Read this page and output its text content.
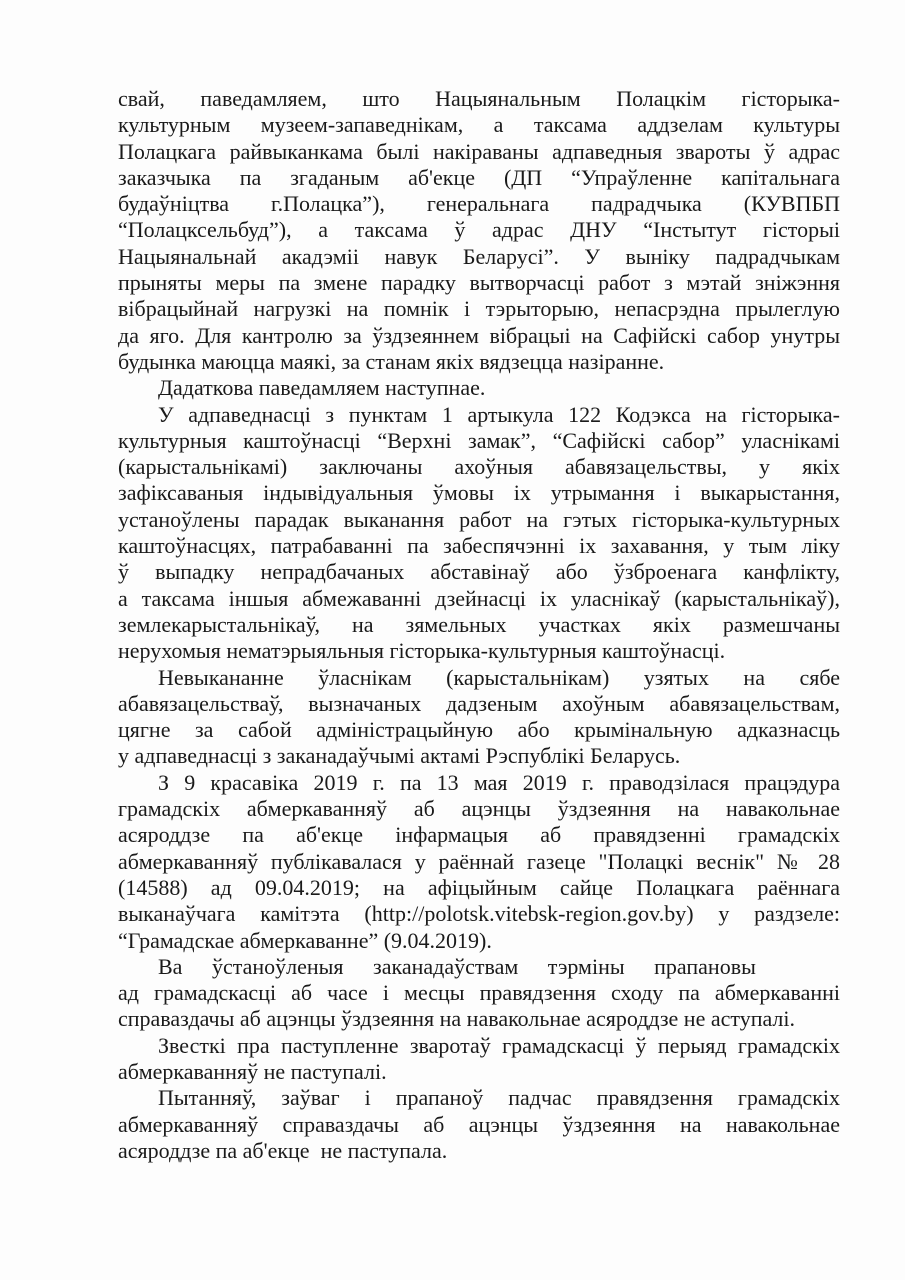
свай, паведамляем, што Нацыянальным Полацкім гісторыка-
культурным музеем-запаведнікам, а таксама аддзелам культуры
Полацкага райвыканкама былі накіраваны адпаведныя звароты ў адрас
заказчыка па згаданым аб'екце (ДП “Упраўленне капітальнага
будаўніцтва г.Полацка”), генеральнага падрадчыка (КУВПБП
“Полацксельбуд”), а таксама ў адрас ДНУ “Інстытут гісторыі
Нацыянальнай акадэміі навук Беларусі”. У выніку падрадчыкам
прыняты меры па змене парадку вытворчасці работ з мэтай зніжэння
вібрацыйнай нагрузкі на помнік і тэрыторыю, непасрэдна прылеглую
да яго. Для кантролю за ўздзеяннем вібрацыі на Сафійскі сабор унутры
будынка маюцца маякі, за станам якіх вядзецца назіранне.
Дадаткова паведамляем наступнае.
У адпаведнасці з пунктам 1 артыкула 122 Кодэкса на гісторыка-
культурныя каштоўнасці “Верхні замак”, “Сафійскі сабор” уласнікамі
(карыстальнікамі) заключаны ахоўныя абавязацельствы, у якіх
зафіксаваныя індывідуальныя ўмовы іх утрымання і выкарыстання,
устаноўлены парадак выканання работ на гэтых гісторыка-культурных
каштоўнасцях, патрабаванні па забеспячэнні іх захавання, у тым ліку
ў выпадку непрадбачаных абставінаў або ўзброенага канфлікту,
а таксама іншыя абмежаванні дзейнасці іх уласнікаў (карыстальнікаў),
землекарыстальнікаў, на зямельных участках якіх размешчаны
нерухомыя нематэрыяльныя гісторыка-культурныя каштоўнасці.
Невыкананне ўласнікам (карыстальнікам) узятых на сябе
абавязацельстваў, вызначаных дадзеным ахоўным абавязацельствам,
цягне за сабой адміністрацыйную або крымінальную адказнасць
у адпаведнасці з заканадаўчымі актамі Рэспублікі Беларусь.
З 9 красавіка 2019 г. па 13 мая 2019 г. праводзілася працэдура
грамадскіх абмеркаванняў аб ацэнцы ўздзеяння на навакольнае
асяроддзе па аб'екце інфармацыя аб правядзенні грамадскіх
абмеркаванняў публікавалася у раённай газеце "Полацкі веснік" № 28
(14588) ад 09.04.2019; на афіцыйным сайце Полацкага раённага
выканаўчага камітэта (http://polotsk.vitebsk-region.gov.by) у раздзеле:
“Грамадскае абмеркаванне” (9.04.2019).
Ва ўстаноўленыя заканадаўствам тэрміны прапановы
ад грамадскасці аб часе і месцы правядзення сходу па абмеркаванні
справаздачы аб ацэнцы ўздзеяння на навакольнае асяроддзе не аступалі.
Звесткі пра паступленне зваротаў грамадскасці ў перыяд грамадскіх
абмеркаванняў не паступалі.
Пытанняў, заўваг і прапаноў падчас правядзення грамадскіх
абмеркаванняў справаздачы аб ацэнцы ўздзеяння на навакольнае
асяроддзе па аб'екце  не паступала.
